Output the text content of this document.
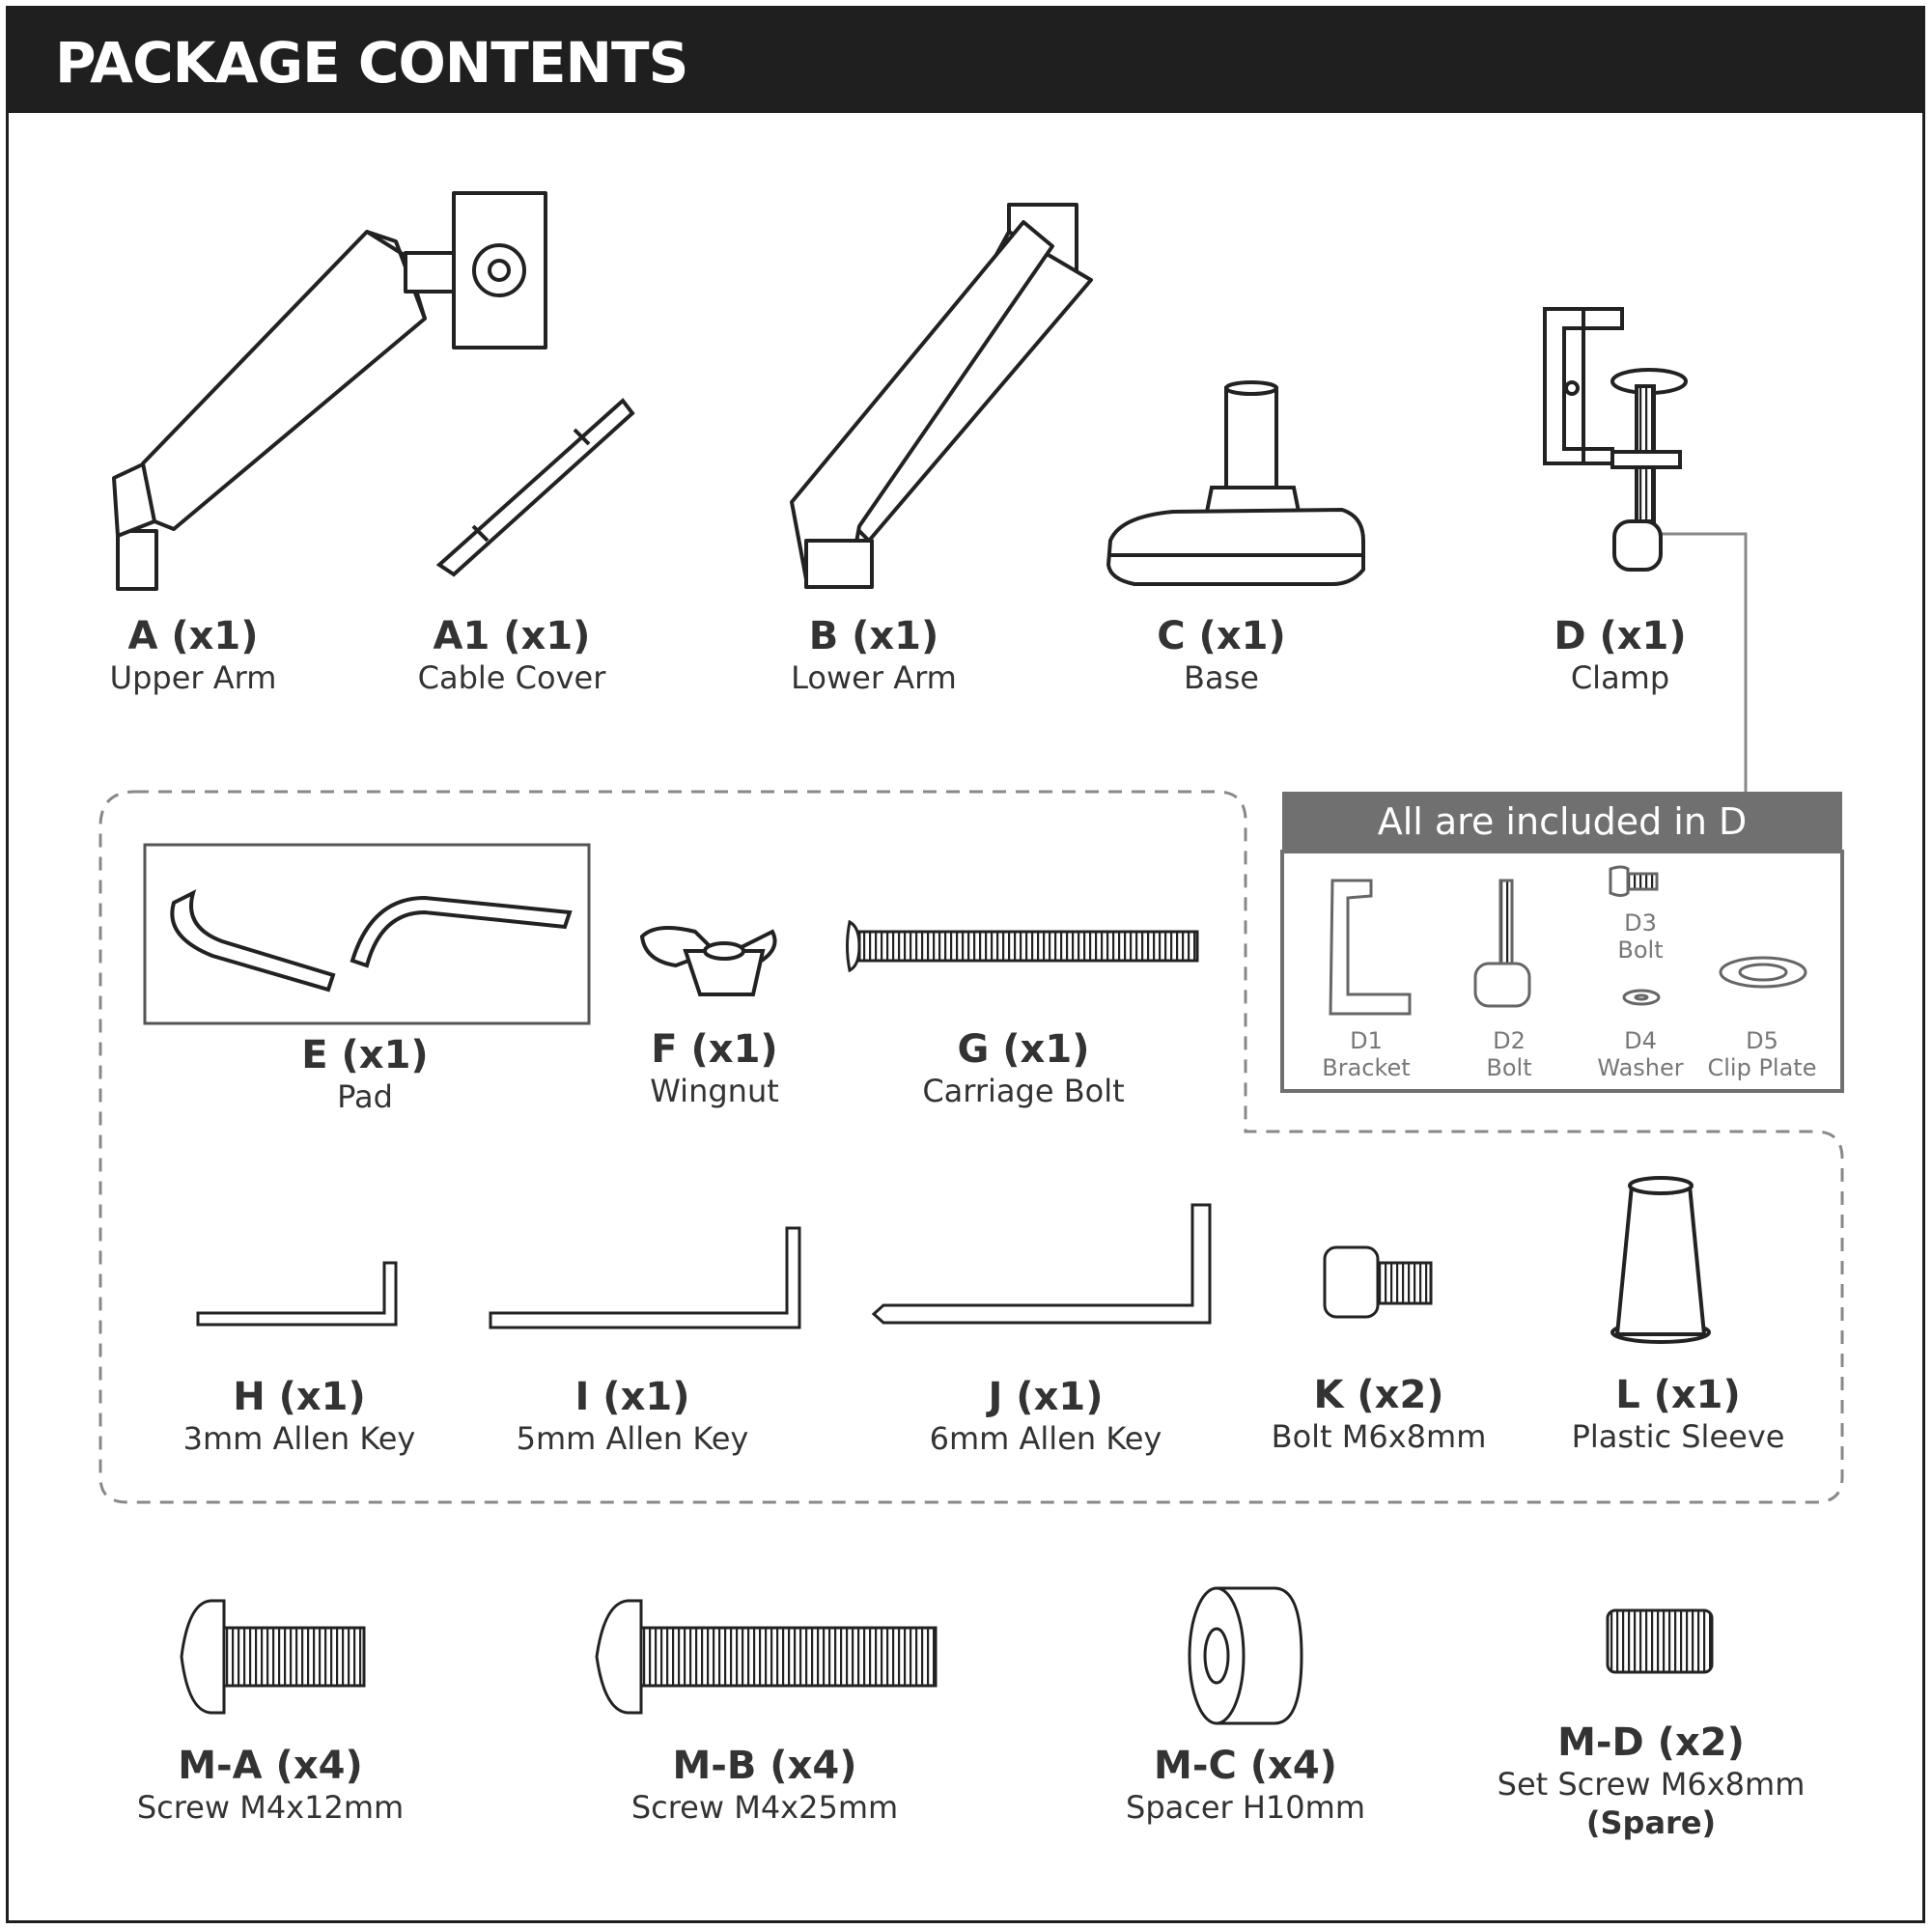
PACKAGE CONTENTS
A (x1)
Upper Arm
A1 (x1)
Cable Cover
B (x1)
Lower Arm
C (x1)
Base
D (x1)
Clamp
All are included in D
D1
Bracket
D2
Bolt
D3
Bolt
D4
Washer
D5
Clip Plate
E (x1)
Pad
F (x1)
Wingnut
G (x1)
Carriage Bolt
H (x1)
3mm Allen Key
I (x1)
5mm Allen Key
J (x1)
6mm Allen Key
K (x2)
Bolt M6x8mm
L (x1)
Plastic Sleeve
M-A (x4)
Screw M4x12mm
M-B (x4)
Screw M4x25mm
M-C (x4)
Spacer H10mm
M-D (x2)
Set Screw M6x8mm
(Spare)
